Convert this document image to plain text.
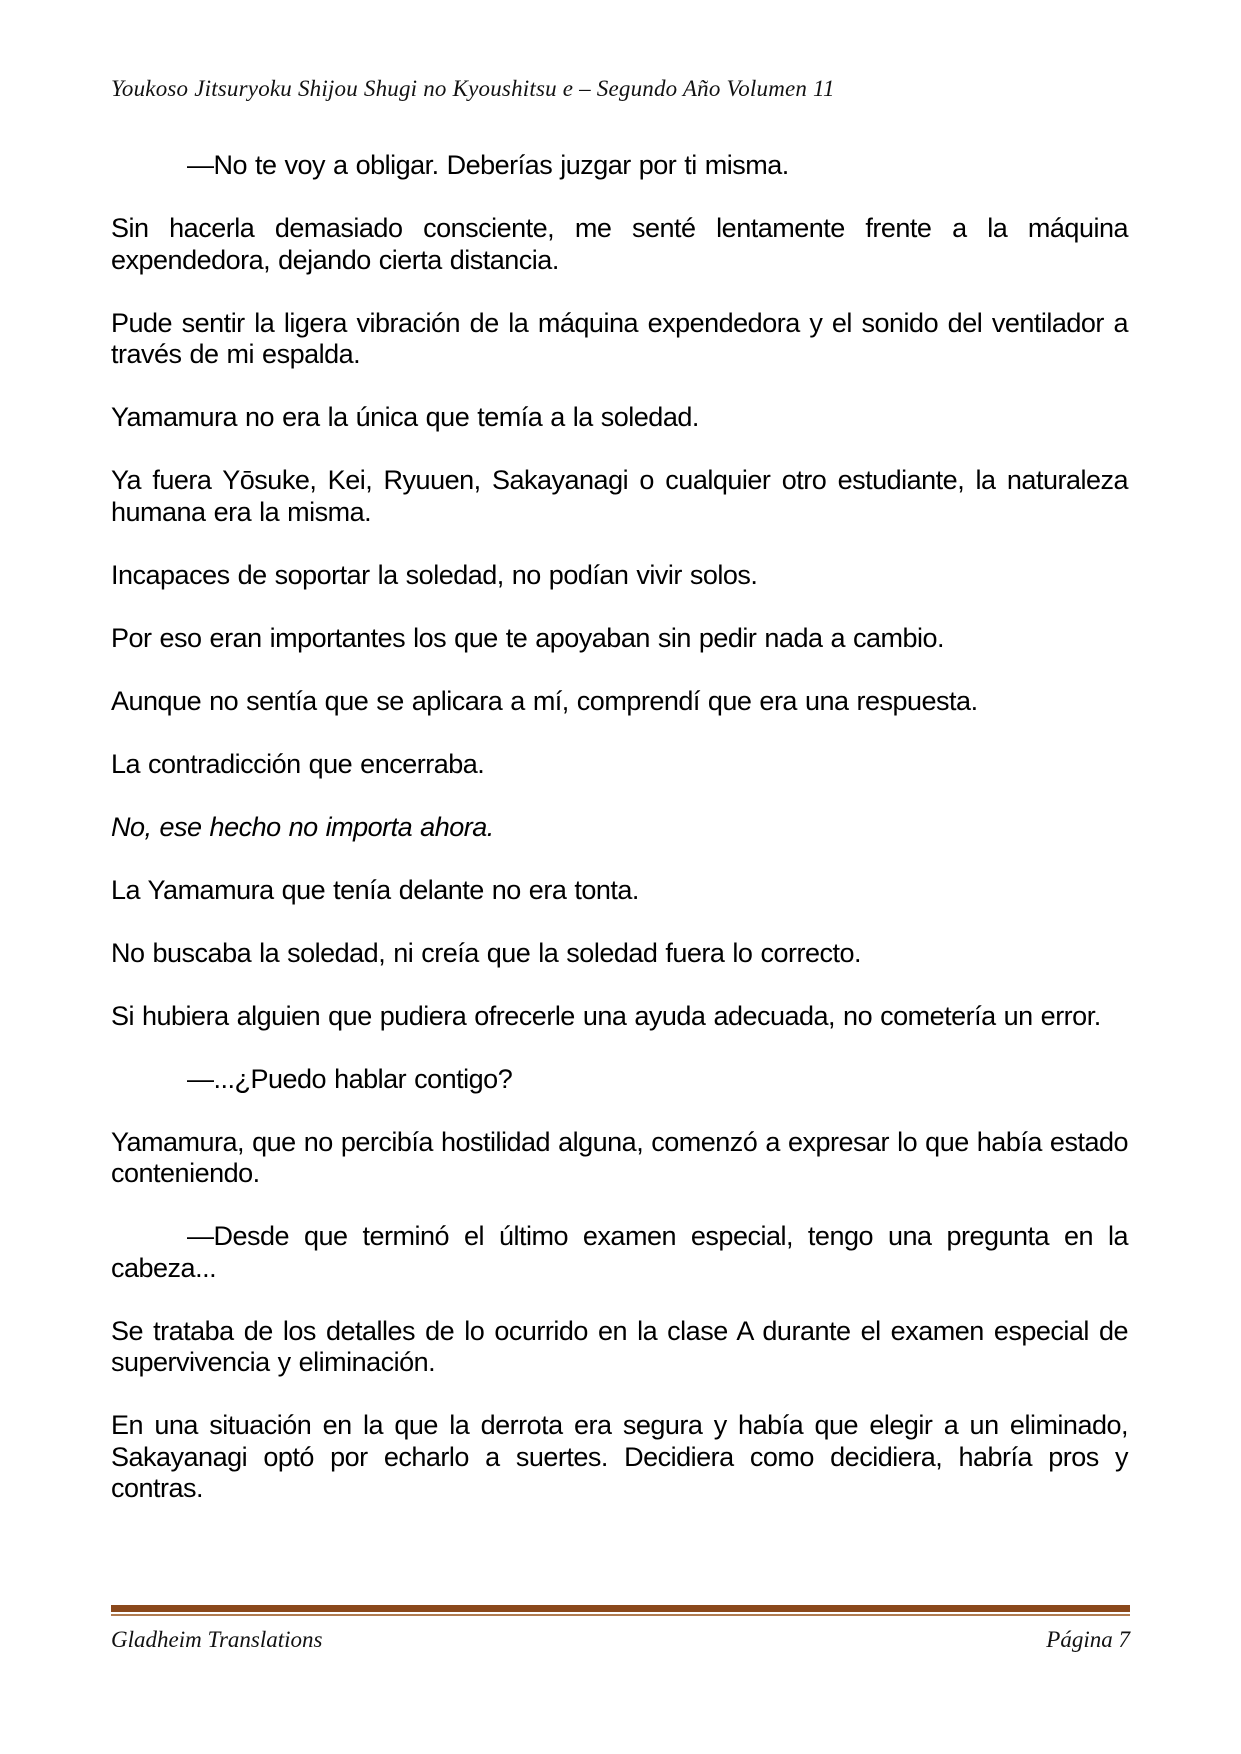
Youkoso Jitsuryoku Shijou Shugi no Kyoushitsu e – Segundo Año Volumen 11

—No te voy a obligar. Deberías juzgar por ti misma.

Sin hacerla demasiado consciente, me senté lentamente frente a la máquina expendedora, dejando cierta distancia.

Pude sentir la ligera vibración de la máquina expendedora y el sonido del ventilador a través de mi espalda.

Yamamura no era la única que temía a la soledad.

Ya fuera Yōsuke, Kei, Ryuuen, Sakayanagi o cualquier otro estudiante, la naturaleza humana era la misma.

Incapaces de soportar la soledad, no podían vivir solos.

Por eso eran importantes los que te apoyaban sin pedir nada a cambio.

Aunque no sentía que se aplicara a mí, comprendí que era una respuesta.

La contradicción que encerraba.

No, ese hecho no importa ahora.

La Yamamura que tenía delante no era tonta.

No buscaba la soledad, ni creía que la soledad fuera lo correcto.

Si hubiera alguien que pudiera ofrecerle una ayuda adecuada, no cometería un error.

—...¿Puedo hablar contigo?

Yamamura, que no percibía hostilidad alguna, comenzó a expresar lo que había estado conteniendo.

—Desde que terminó el último examen especial, tengo una pregunta en la cabeza...

Se trataba de los detalles de lo ocurrido en la clase A durante el examen especial de supervivencia y eliminación.

En una situación en la que la derrota era segura y había que elegir a un eliminado, Sakayanagi optó por echarlo a suertes. Decidiera como decidiera, habría pros y contras.

Gladheim Translations	Página 7
